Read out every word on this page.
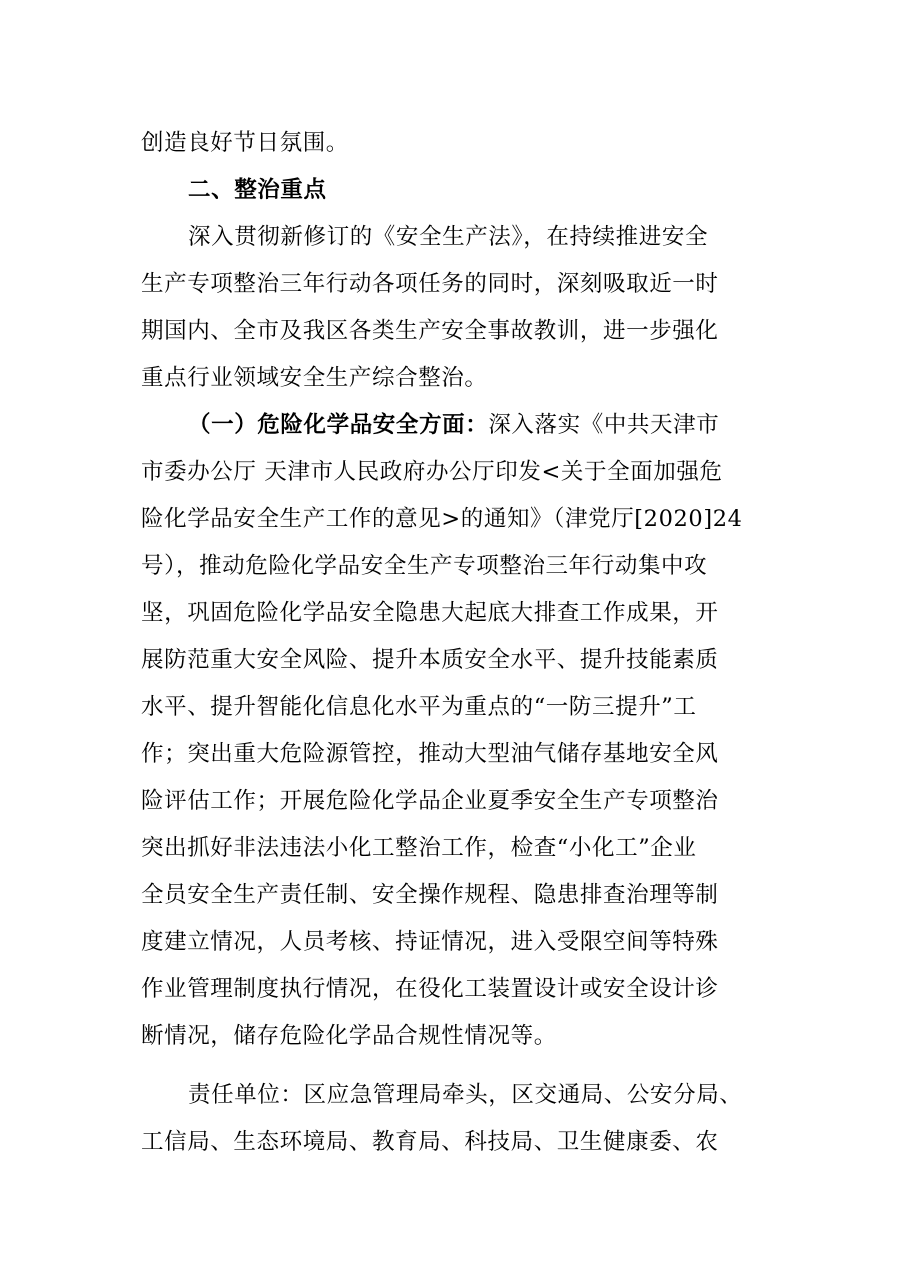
创造良好节日氛围。
二、整治重点
深入贯彻新修订的《安全生产法》，在持续推进安全
生产专项整治三年行动各项任务的同时，深刻吸取近一时
期国内、全市及我区各类生产安全事故教训，进一步强化
重点行业领域安全生产综合整治。
（一）危险化学品安全方面：深入落实《中共天津市
市委办公厅 天津市人民政府办公厅印发<关于全面加强危
险化学品安全生产工作的意见>的通知》（津党厅[2020]24
号），推动危险化学品安全生产专项整治三年行动集中攻
坚，巩固危险化学品安全隐患大起底大排查工作成果，开
展防范重大安全风险、提升本质安全水平、提升技能素质
水平、提升智能化信息化水平为重点的“一防三提升”工
作；突出重大危险源管控，推动大型油气储存基地安全风
险评估工作；开展危险化学品企业夏季安全生产专项整治
突出抓好非法违法小化工整治工作，检查“小化工”企业
全员安全生产责任制、安全操作规程、隐患排查治理等制
度建立情况，人员考核、持证情况，进入受限空间等特殊
作业管理制度执行情况，在役化工装置设计或安全设计诊
断情况，储存危险化学品合规性情况等。
责任单位：区应急管理局牵头，区交通局、公安分局、
工信局、生态环境局、教育局、科技局、卫生健康委、农
